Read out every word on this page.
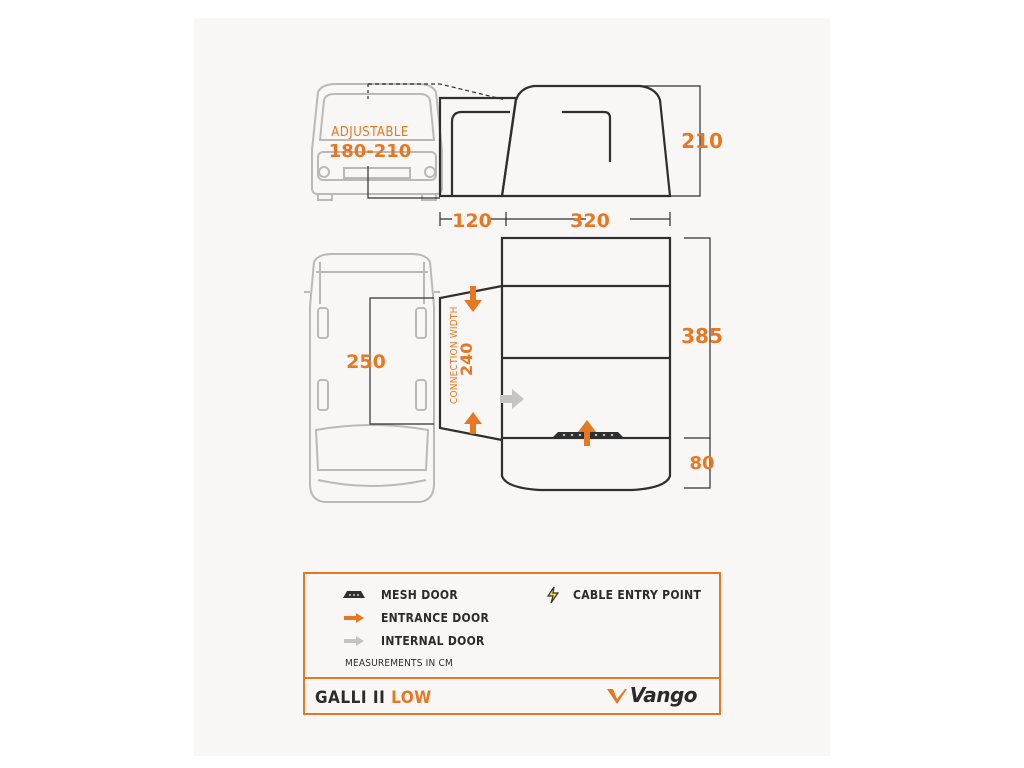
210
120	320
ADJUSTABLE
180-210
250	CONNECTION WIDTH
240
385
80
MESH DOOR	CABLE ENTRY POINT
ENTRANCE DOOR
INTERNAL DOOR
MEASUREMENTS IN CM
GALLI II LOW	Vango
